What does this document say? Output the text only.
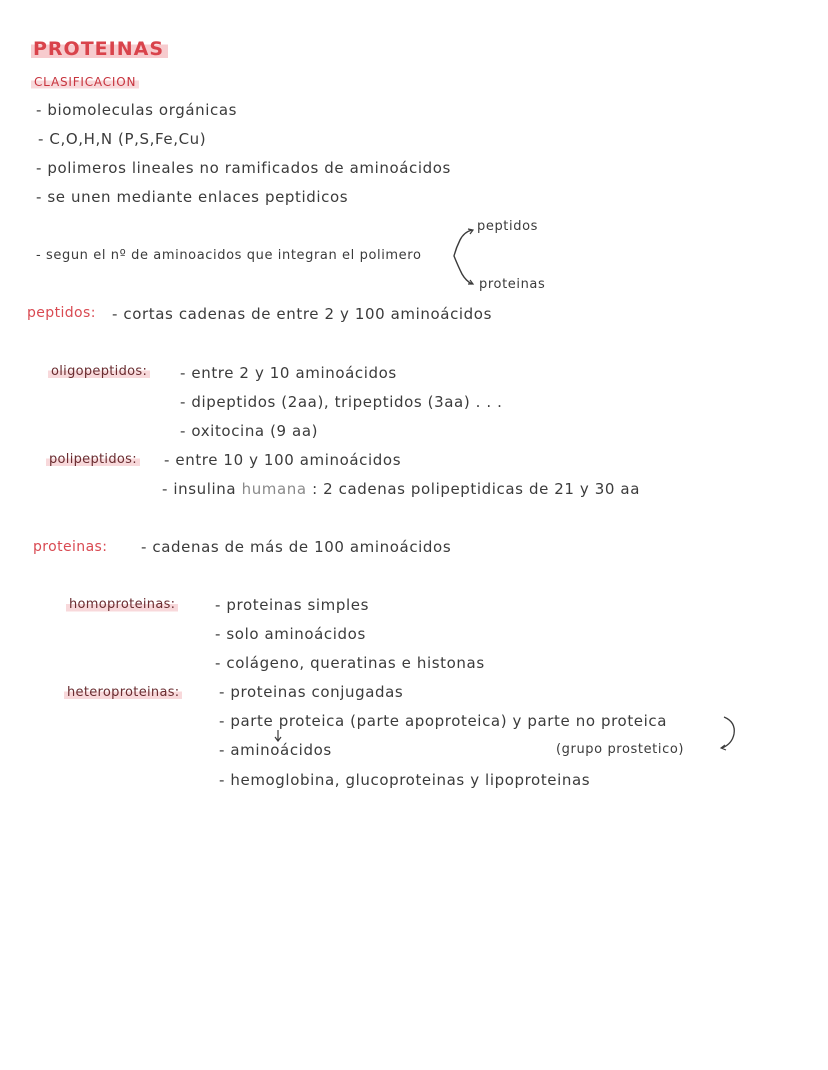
PROTEINAS
CLASIFICACION
- biomoleculas orgánicas
- C,O,H,N (P,S,Fe,Cu)
- polimeros lineales no ramificados de aminoácidos
- se unen mediante enlaces peptidicos
- segun el nº de aminoacidos que integran el polimero
peptidos
proteinas
peptidos: - cortas cadenas de entre 2 y 100 aminoácidos
oligopeptidos: - entre 2 y 10 aminoácidos
- dipeptidos (2aa), tripeptidos (3aa) . . .
- oxitocina (9 aa)
polipeptidos: - entre 10 y 100 aminoácidos
- insulina humana : 2 cadenas polipeptidicas de 21 y 30 aa
proteinas: - cadenas de más de 100 aminoácidos
homoproteinas:	- proteinas simples
- solo aminoácidos
- colágeno, queratinas e histonas
heteroproteinas:	- proteinas conjugadas
- parte proteica (parte apoproteica) y parte no proteica
- aminoácidos	(grupo prostetico)
- hemoglobina, glucoproteinas y lipoproteinas
